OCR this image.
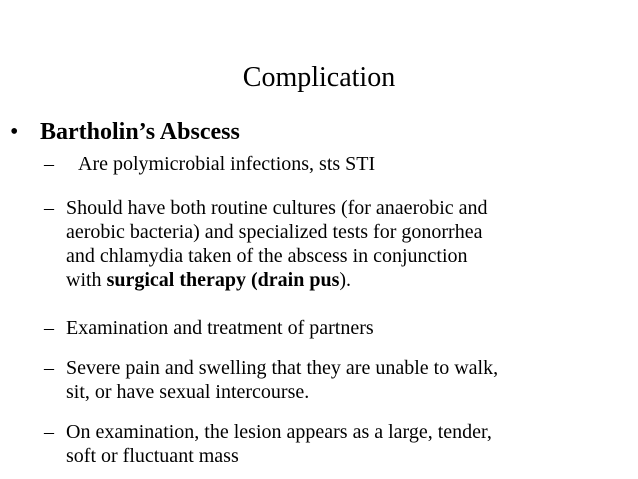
Complication
• Bartholin’s Abscess
–	Are polymicrobial infections, sts STI
– Should have both routine cultures (for anaerobic and
aerobic bacteria) and specialized tests for gonorrhea
and chlamydia taken of the abscess in conjunction
with surgical therapy (drain pus).
– Examination and treatment of partners
– Severe pain and swelling that they are unable to walk,
sit, or have sexual intercourse.
– On examination, the lesion appears as a large, tender,
soft or fluctuant mass
